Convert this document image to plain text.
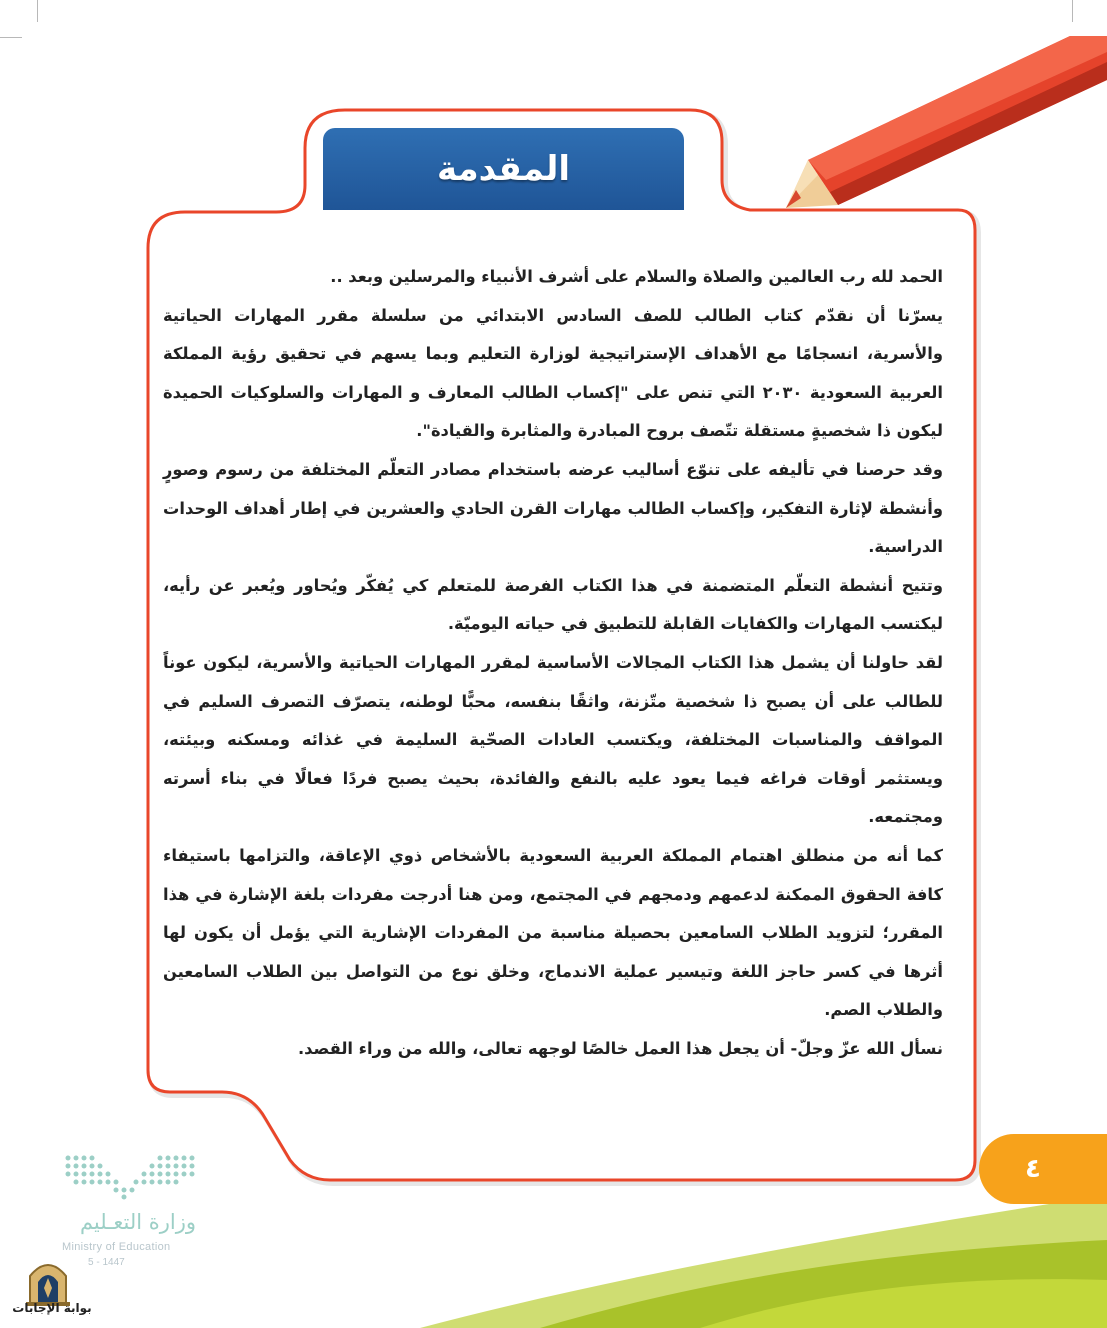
المقدمة

الحمد لله رب العالمين والصلاة والسلام على أشرف الأنبياء والمرسلين وبعد ..

يسرّنا أن نقدّم كتاب الطالب للصف السادس الابتدائي من سلسلة مقرر المهارات الحياتية والأسرية، انسجامًا مع الأهداف الإستراتيجية لوزارة التعليم وبما يسهم في تحقيق رؤية المملكة العربية السعودية ٢٠٣٠ التي تنص على "إكساب الطالب المعارف و المهارات والسلوكيات الحميدة ليكون ذا شخصيةٍ مستقلة تتّصف بروح المبادرة والمثابرة والقيادة".

وقد حرصنا في تأليفه على تنوّع أساليب عرضه باستخدام مصادر التعلّم المختلفة من رسوم وصورٍ وأنشطة لإثارة التفكير، وإكساب الطالب مهارات القرن الحادي والعشرين في إطار أهداف الوحدات الدراسية.

وتتيح أنشطة التعلّم المتضمنة في هذا الكتاب الفرصة للمتعلم كي يُفكّر ويُحاور ويُعبر عن رأيه، ليكتسب المهارات والكفايات القابلة للتطبيق في حياته اليوميّة.

لقد حاولنا أن يشمل هذا الكتاب المجالات الأساسية لمقرر المهارات الحياتية والأسرية، ليكون عوناً للطالب على أن يصبح ذا شخصية متّزنة، واثقًا بنفسه، محبًّا لوطنه، يتصرّف التصرف السليم في المواقف والمناسبات المختلفة، ويكتسب العادات الصحّية السليمة في غذائه ومسكنه وبيئته، ويستثمر أوقات فراغه فيما يعود عليه بالنفع والفائدة، بحيث يصبح فردًا فعالًا في بناء أسرته ومجتمعه.

كما أنه من منطلق اهتمام المملكة العربية السعودية بالأشخاص ذوي الإعاقة، والتزامها باستيفاء كافة الحقوق الممكنة لدعمهم ودمجهم في المجتمع، ومن هنا أدرجت مفردات بلغة الإشارة في هذا المقرر؛ لتزويد الطلاب السامعين بحصيلة مناسبة من المفردات الإشارية التي يؤمل أن يكون لها أثرها في كسر حاجز اللغة وتيسير عملية الاندماج، وخلق نوع من التواصل بين الطلاب السامعين والطلاب الصم.

نسأل الله عزّ وجلّ- أن يجعل هذا العمل خالصًا لوجهه تعالى، والله من وراء القصد.

٤
وزارة التعـليم
Ministry of Education
5 - 1447
بوابة الإجابات
